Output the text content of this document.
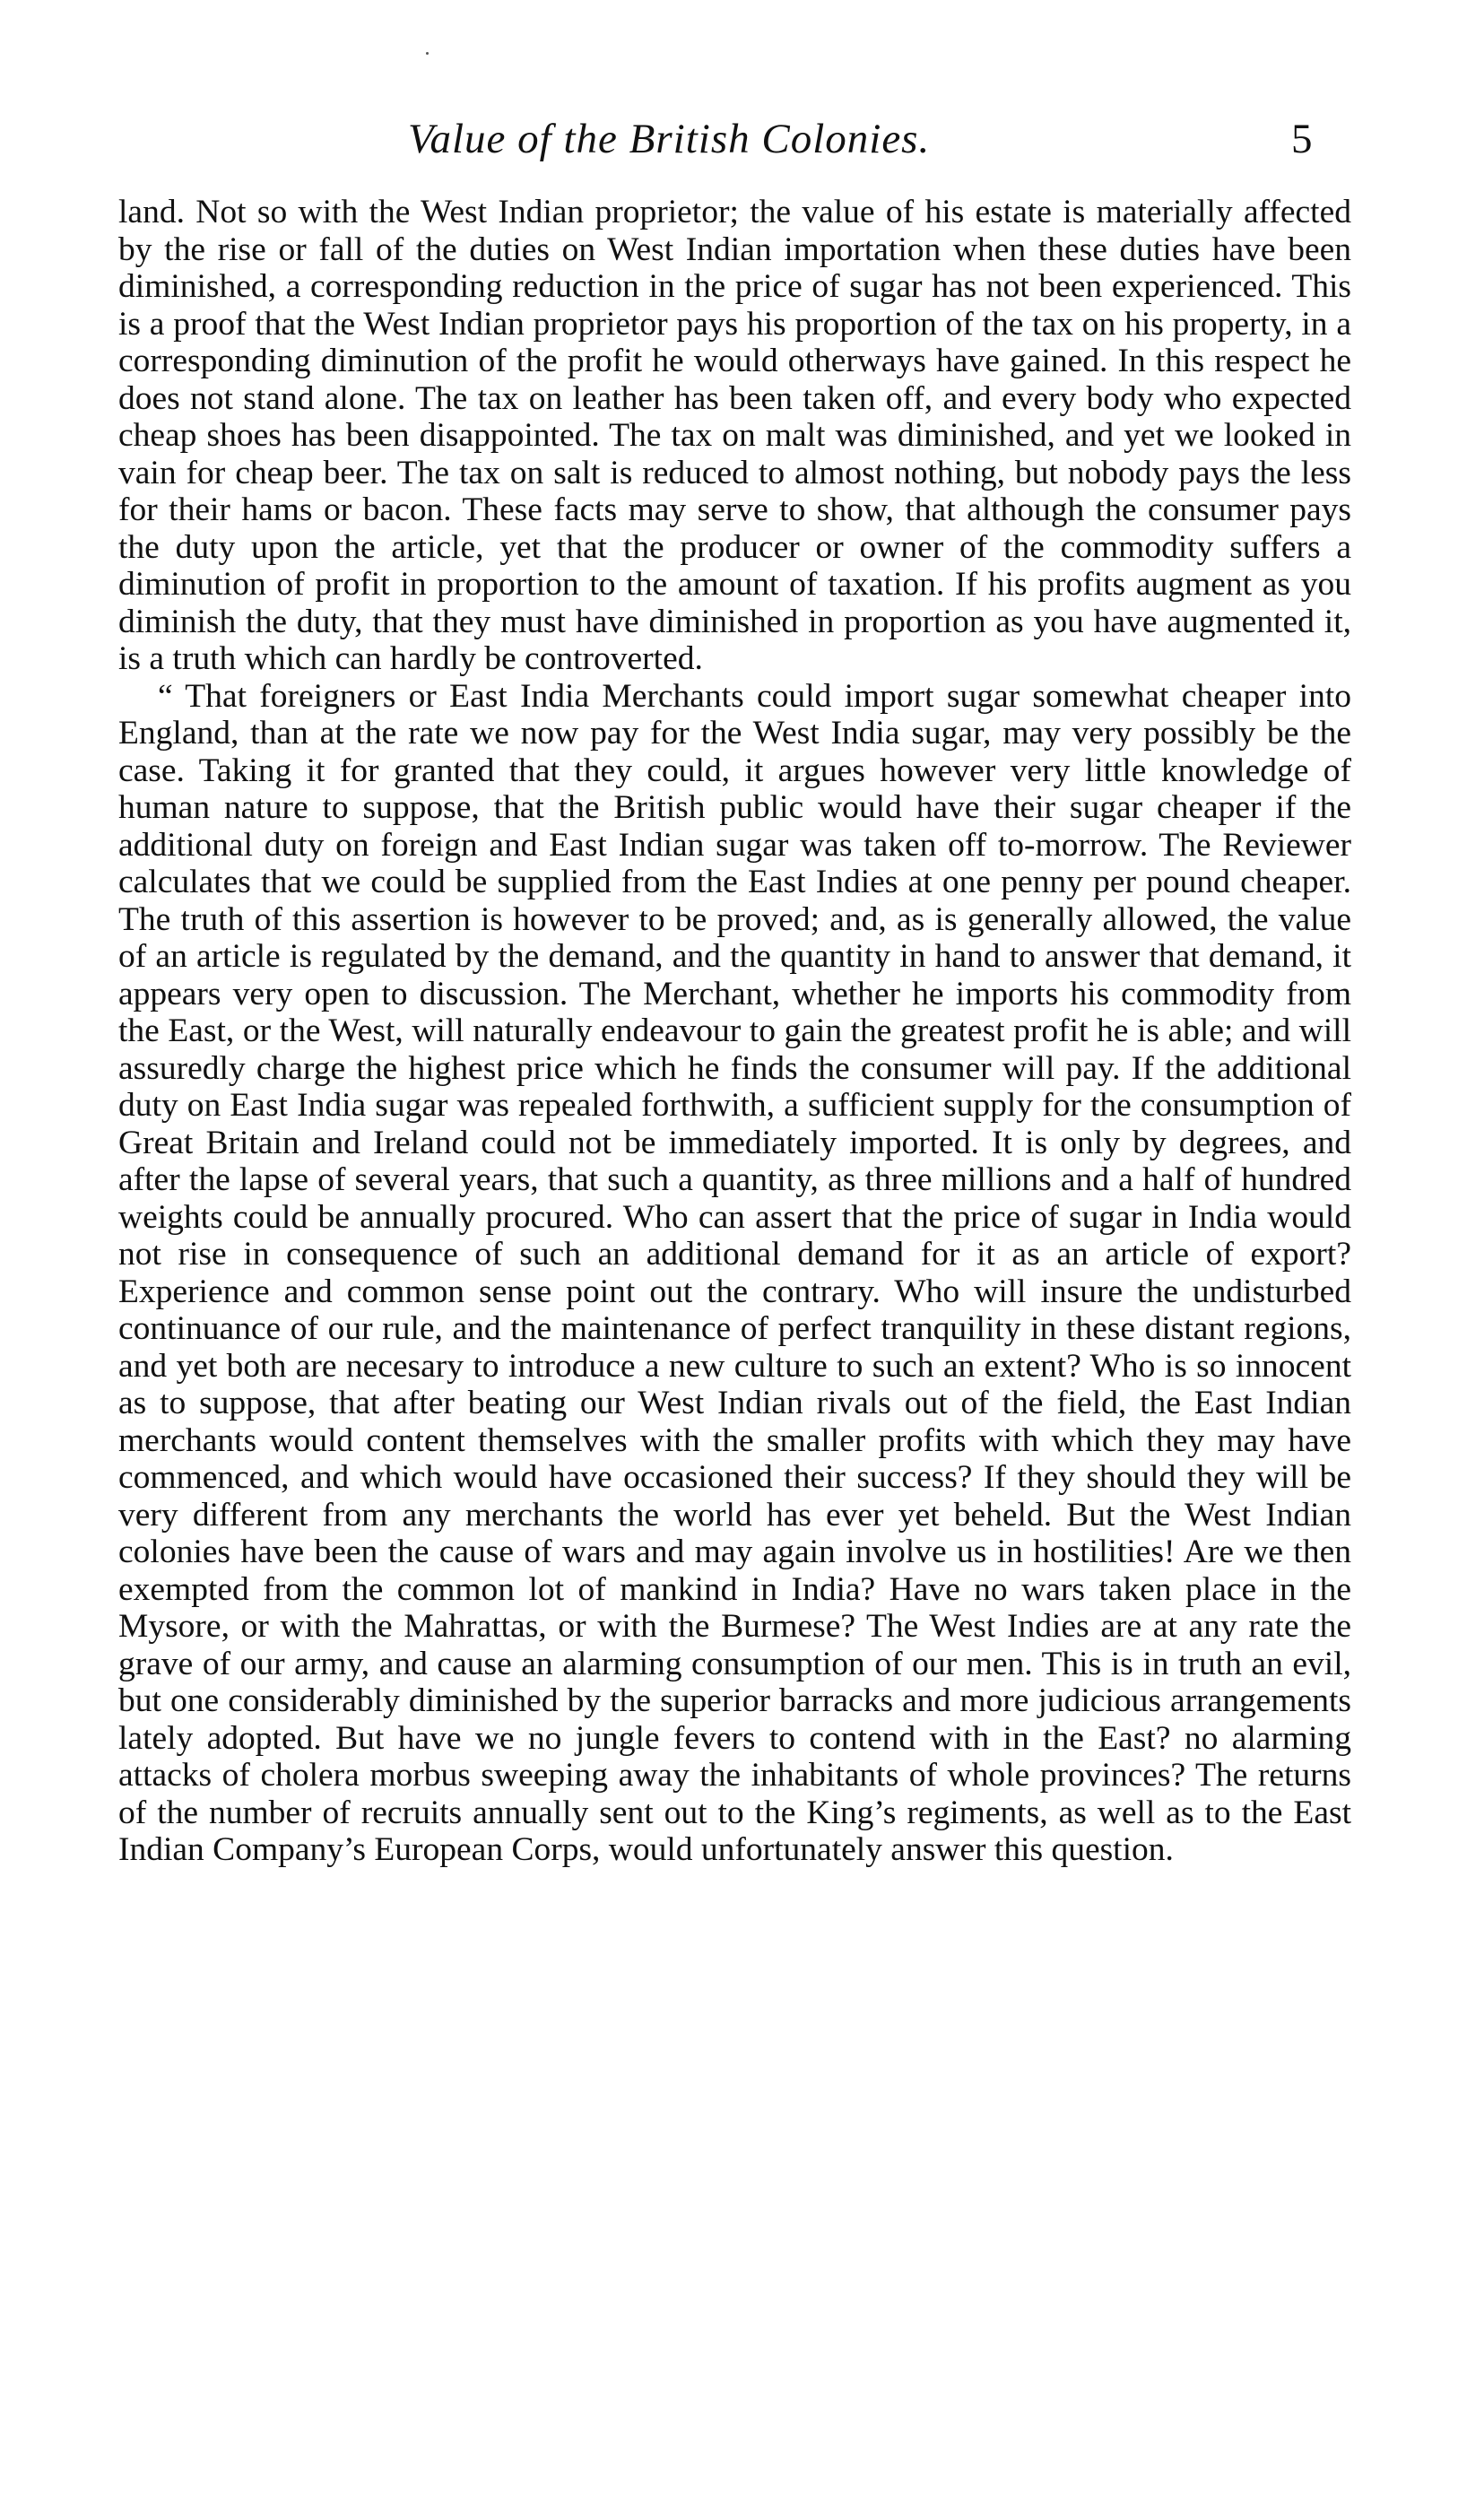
Value of the British Colonies.	5

land. Not so with the West Indian proprietor; the value of his estate is materially affected by the rise or fall of the duties on West Indian importation when these duties have been diminished, a corresponding reduction in the price of sugar has not been experienced. This is a proof that the West Indian proprietor pays his proportion of the tax on his property, in a corresponding diminution of the profit he would otherways have gained. In this respect he does not stand alone. The tax on leather has been taken off, and every body who expected cheap shoes has been disappointed. The tax on malt was diminished, and yet we looked in vain for cheap beer. The tax on salt is reduced to almost nothing, but nobody pays the less for their hams or bacon. These facts may serve to show, that although the consumer pays the duty upon the article, yet that the producer or owner of the commodity suffers a diminution of profit in proportion to the amount of taxation. If his profits augment as you diminish the duty, that they must have diminished in proportion as you have augmented it, is a truth which can hardly be controverted.

“ That foreigners or East India Merchants could import sugar somewhat cheaper into England, than at the rate we now pay for the West India sugar, may very possibly be the case. Taking it for granted that they could, it argues however very little knowledge of human nature to suppose, that the British public would have their sugar cheaper if the additional duty on foreign and East Indian sugar was taken off to-morrow. The Reviewer calculates that we could be supplied from the East Indies at one penny per pound cheaper. The truth of this assertion is however to be proved; and, as is generally allowed, the value of an article is regulated by the demand, and the quantity in hand to answer that demand, it appears very open to discussion. The Merchant, whether he imports his commodity from the East, or the West, will naturally endeavour to gain the greatest profit he is able; and will assuredly charge the highest price which he finds the consumer will pay. If the additional duty on East India sugar was repealed forthwith, a sufficient supply for the consumption of Great Britain and Ireland could not be immediately imported. It is only by degrees, and after the lapse of several years, that such a quantity, as three millions and a half of hundred weights could be annually procured. Who can assert that the price of sugar in India would not rise in consequence of such an additional demand for it as an article of export? Experience and common sense point out the contrary. Who will insure the undisturbed continuance of our rule, and the maintenance of perfect tranquility in these distant regions, and yet both are necesary to introduce a new culture to such an extent? Who is so innocent as to suppose, that after beating our West Indian rivals out of the field, the East Indian merchants would content themselves with the smaller profits with which they may have commenced, and which would have occasioned their success? If they should they will be very different from any merchants the world has ever yet beheld. But the West Indian colonies have been the cause of wars and may again involve us in hostilities! Are we then exempted from the common lot of mankind in India? Have no wars taken place in the Mysore, or with the Mahrattas, or with the Burmese? The West Indies are at any rate the grave of our army, and cause an alarming consumption of our men. This is in truth an evil, but one considerably diminished by the superior barracks and more judicious arrangements lately adopted. But have we no jungle fevers to contend with in the East? no alarming attacks of cholera morbus sweeping away the inhabitants of whole provinces? The returns of the number of recruits annually sent out to the King’s regiments, as well as to the East Indian Company’s European Corps, would unfortunately answer this question.
